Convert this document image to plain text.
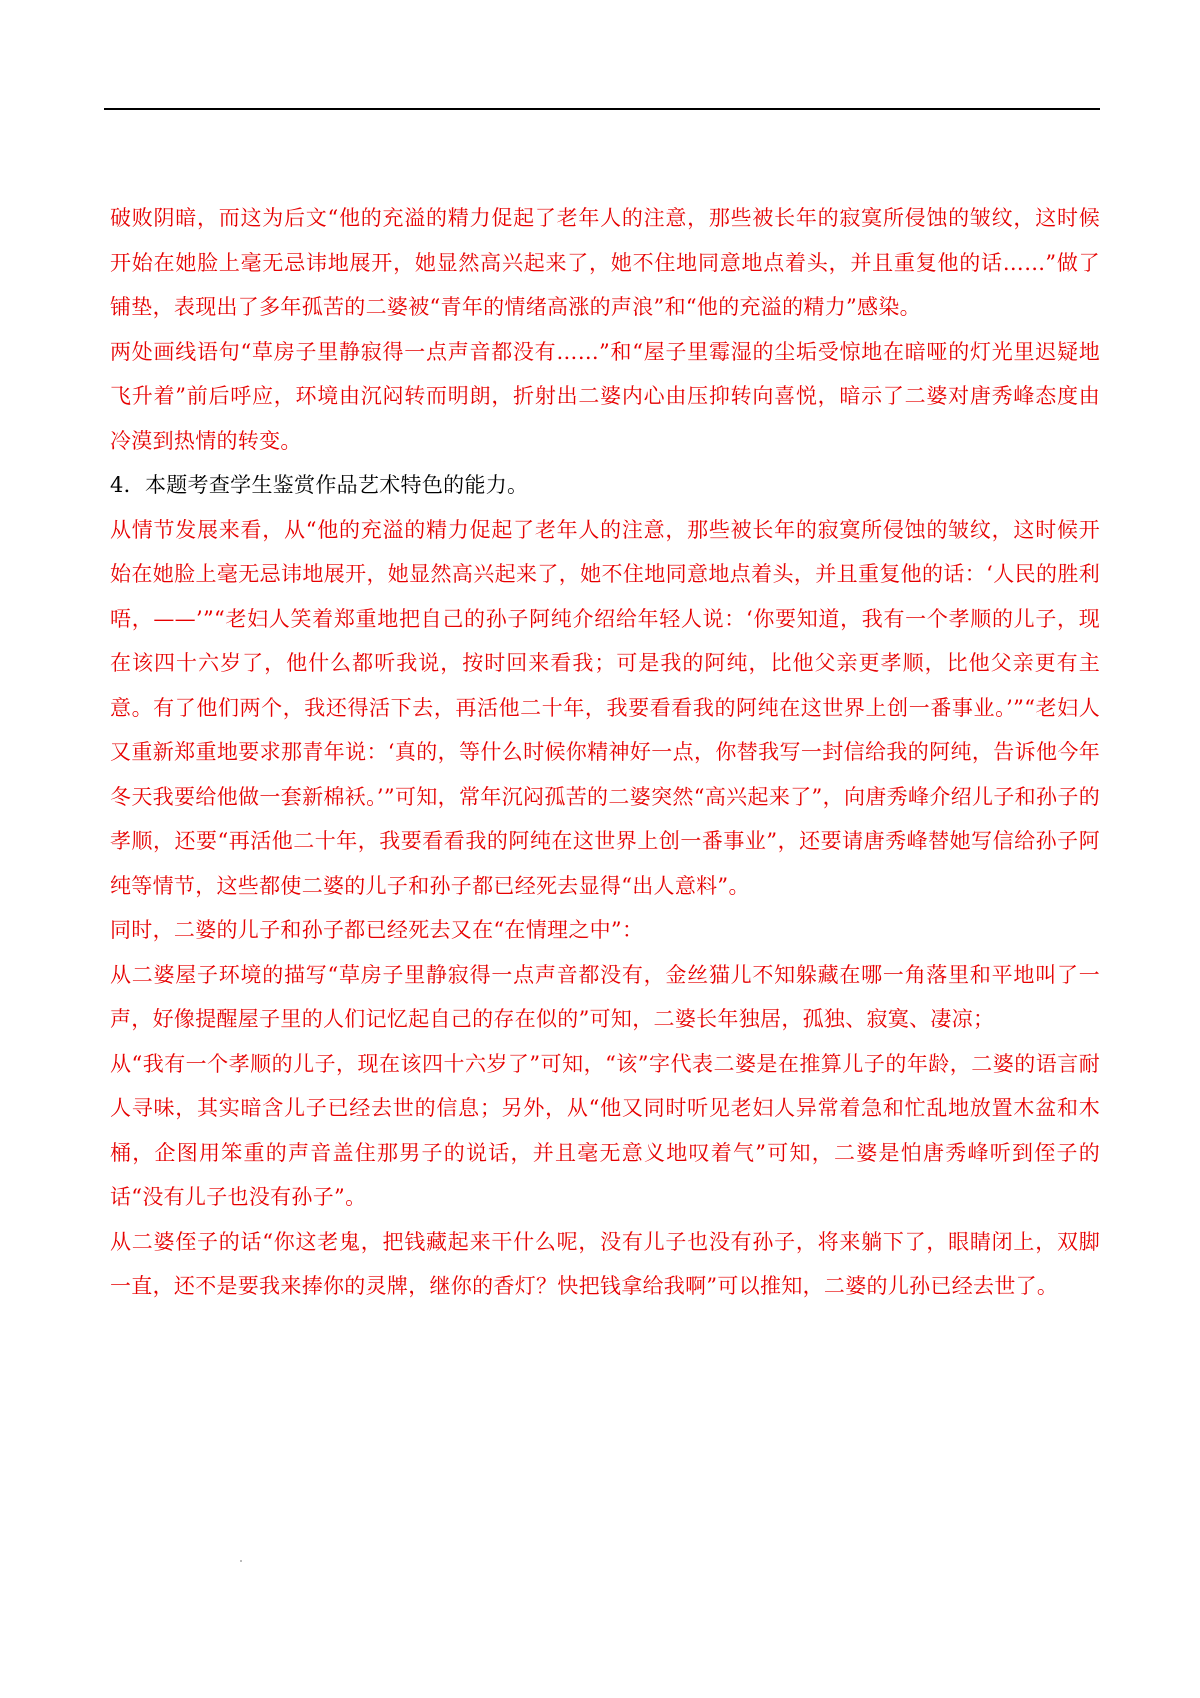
破败阴暗，而这为后文“他的充溢的精力促起了老年人的注意，那些被长年的寂寞所侵蚀的皱纹，这时候开始在她脸上毫无忌讳地展开，她显然高兴起来了，她不住地同意地点着头，并且重复他的话……”做了铺垫，表现出了多年孤苦的二婆被“青年的情绪高涨的声浪”和“他的充溢的精力”感染。

两处画线语句“草房子里静寂得一点声音都没有……”和“屋子里霉湿的尘垢受惊地在暗哑的灯光里迟疑地飞升着”前后呼应，环境由沉闷转而明朗，折射出二婆内心由压抑转向喜悦，暗示了二婆对唐秀峰态度由冷漠到热情的转变。

4．本题考查学生鉴赏作品艺术特色的能力。

从情节发展来看，从“他的充溢的精力促起了老年人的注意，那些被长年的寂寞所侵蚀的皱纹，这时候开始在她脸上毫无忌讳地展开，她显然高兴起来了，她不住地同意地点着头，并且重复他的话：‘人民的胜利唔，——’”“老妇人笑着郑重地把自己的孙子阿纯介绍给年轻人说：‘你要知道，我有一个孝顺的儿子，现在该四十六岁了，他什么都听我说，按时回来看我；可是我的阿纯，比他父亲更孝顺，比他父亲更有主意。有了他们两个，我还得活下去，再活他二十年，我要看看我的阿纯在这世界上创一番事业。’”“老妇人又重新郑重地要求那青年说：‘真的，等什么时候你精神好一点，你替我写一封信给我的阿纯，告诉他今年冬天我要给他做一套新棉袄。’”可知，常年沉闷孤苦的二婆突然“高兴起来了”，向唐秀峰介绍儿子和孙子的孝顺，还要“再活他二十年，我要看看我的阿纯在这世界上创一番事业”，还要请唐秀峰替她写信给孙子阿纯等情节，这些都使二婆的儿子和孙子都已经死去显得“出人意料”。

同时，二婆的儿子和孙子都已经死去又在“在情理之中”：

从二婆屋子环境的描写“草房子里静寂得一点声音都没有，金丝猫儿不知躲藏在哪一角落里和平地叫了一声，好像提醒屋子里的人们记忆起自己的存在似的”可知，二婆长年独居，孤独、寂寞、凄凉；

从“我有一个孝顺的儿子，现在该四十六岁了”可知，“该”字代表二婆是在推算儿子的年龄，二婆的语言耐人寻味，其实暗含儿子已经去世的信息；另外，从“他又同时听见老妇人异常着急和忙乱地放置木盆和木桶，企图用笨重的声音盖住那男子的说话，并且毫无意义地叹着气”可知，二婆是怕唐秀峰听到侄子的话“没有儿子也没有孙子”。

从二婆侄子的话“你这老鬼，把钱藏起来干什么呢，没有儿子也没有孙子，将来躺下了，眼睛闭上，双脚一直，还不是要我来捧你的灵牌，继你的香灯？快把钱拿给我啊”可以推知，二婆的儿孙已经去世了。
